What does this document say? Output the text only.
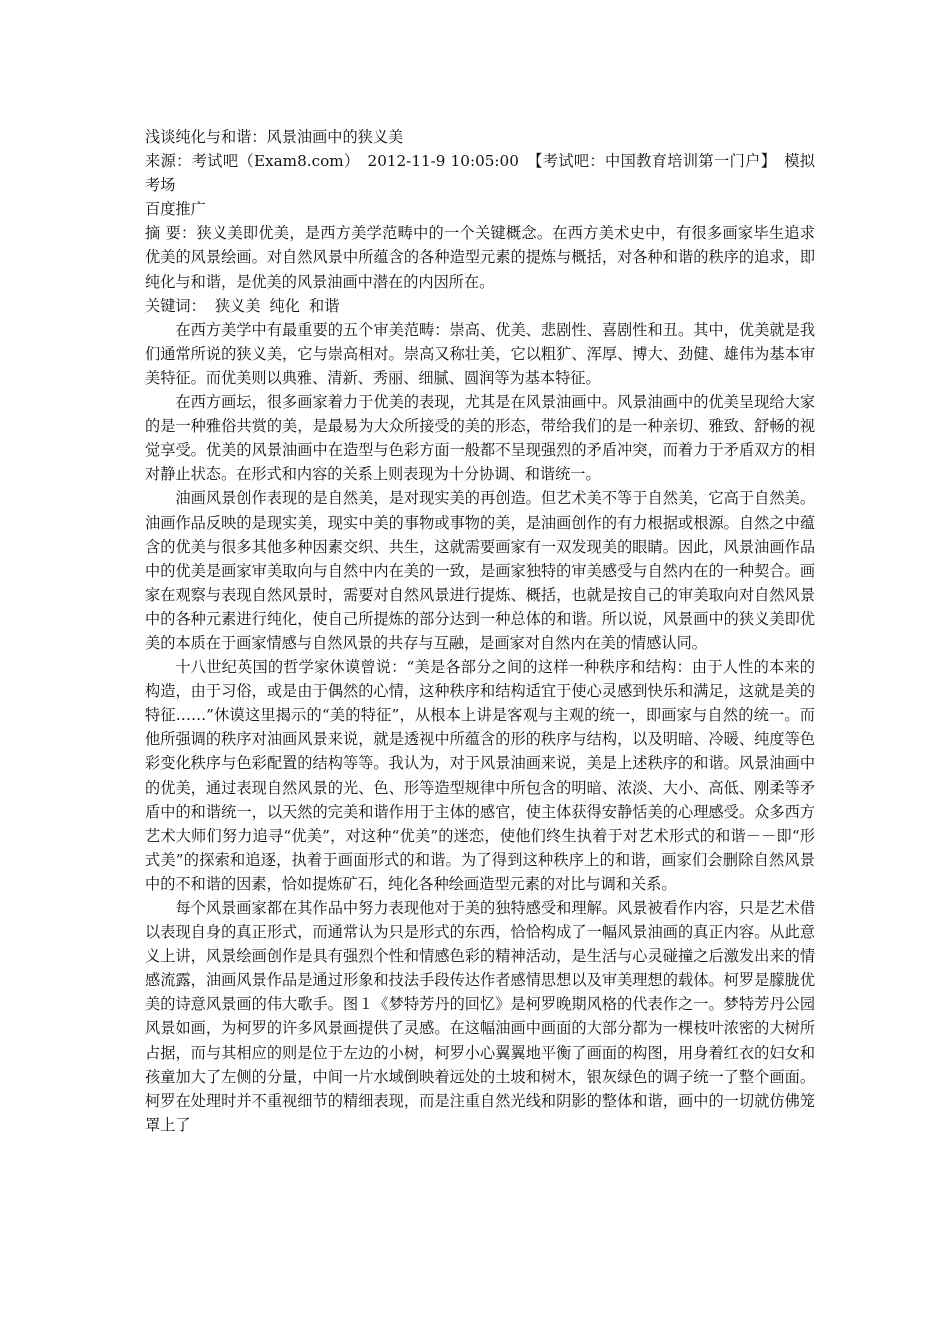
浅谈纯化与和谐：风景油画中的狭义美

来源：考试吧（Exam8.com）　2012-11-9 10:05:00　【考试吧：中国教育培训第一门户】　模拟考场

百度推广

摘 要：狭义美即优美，是西方美学范畴中的一个关键概念。在西方美术史中，有很多画家毕生追求优美的风景绘画。对自然风景中所蕴含的各种造型元素的提炼与概括，对各种和谐的秩序的追求，即纯化与和谐，是优美的风景油画中潜在的内因所在。

关键词： 狭义美 纯化 和谐

在西方美学中有最重要的五个审美范畴：崇高、优美、悲剧性、喜剧性和丑。其中，优美就是我们通常所说的狭义美，它与崇高相对。崇高又称壮美，它以粗犷、浑厚、博大、劲健、雄伟为基本审美特征。而优美则以典雅、清新、秀丽、细腻、圆润等为基本特征。

在西方画坛，很多画家着力于优美的表现，尤其是在风景油画中。风景油画中的优美呈现给大家的是一种雅俗共赏的美，是最易为大众所接受的美的形态，带给我们的是一种亲切、雅致、舒畅的视觉享受。优美的风景油画中在造型与色彩方面一般都不呈现强烈的矛盾冲突，而着力于矛盾双方的相对静止状态。在形式和内容的关系上则表现为十分协调、和谐统一。

油画风景创作表现的是自然美，是对现实美的再创造。但艺术美不等于自然美，它高于自然美。油画作品反映的是现实美，现实中美的事物或事物的美，是油画创作的有力根据或根源。自然之中蕴含的优美与很多其他多种因素交织、共生，这就需要画家有一双发现美的眼睛。因此，风景油画作品中的优美是画家审美取向与自然中内在美的一致，是画家独特的审美感受与自然内在的一种契合。画家在观察与表现自然风景时，需要对自然风景进行提炼、概括，也就是按自己的审美取向对自然风景中的各种元素进行纯化，使自己所提炼的部分达到一种总体的和谐。所以说，风景画中的狭义美即优美的本质在于画家情感与自然风景的共存与互融，是画家对自然内在美的情感认同。

十八世纪英国的哲学家休谟曾说：“美是各部分之间的这样一种秩序和结构：由于人性的本来的构造，由于习俗，或是由于偶然的心情，这种秩序和结构适宜于使心灵感到快乐和满足，这就是美的特征……”休谟这里揭示的“美的特征”，从根本上讲是客观与主观的统一，即画家与自然的统一。而他所强调的秩序对油画风景来说，就是透视中所蕴含的形的秩序与结构，以及明暗、冷暖、纯度等色彩变化秩序与色彩配置的结构等等。我认为，对于风景油画来说，美是上述秩序的和谐。风景油画中的优美，通过表现自然风景的光、色、形等造型规律中所包含的明暗、浓淡、大小、高低、刚柔等矛盾中的和谐统一，以天然的完美和谐作用于主体的感官，使主体获得安静恬美的心理感受。众多西方艺术大师们努力追寻“优美”，对这种“优美”的迷恋，使他们终生执着于对艺术形式的和谐－－即“形式美”的探索和追逐，执着于画面形式的和谐。为了得到这种秩序上的和谐，画家们会删除自然风景中的不和谐的因素，恰如提炼矿石，纯化各种绘画造型元素的对比与调和关系。

每个风景画家都在其作品中努力表现他对于美的独特感受和理解。风景被看作内容，只是艺术借以表现自身的真正形式，而通常认为只是形式的东西，恰恰构成了一幅风景油画的真正内容。从此意义上讲，风景绘画创作是具有强烈个性和情感色彩的精神活动，是生活与心灵碰撞之后激发出来的情感流露，油画风景作品是通过形象和技法手段传达作者感情思想以及审美理想的载体。柯罗是朦胧优美的诗意风景画的伟大歌手。图１《梦特芳丹的回忆》是柯罗晚期风格的代表作之一。梦特芳丹公园风景如画，为柯罗的许多风景画提供了灵感。在这幅油画中画面的大部分都为一棵枝叶浓密的大树所占据，而与其相应的则是位于左边的小树，柯罗小心翼翼地平衡了画面的构图，用身着红衣的妇女和孩童加大了左侧的分量，中间一片水域倒映着远处的土坡和树木，银灰绿色的调子统一了整个画面。柯罗在处理时并不重视细节的精细表现，而是注重自然光线和阴影的整体和谐，画中的一切就仿佛笼罩上了
